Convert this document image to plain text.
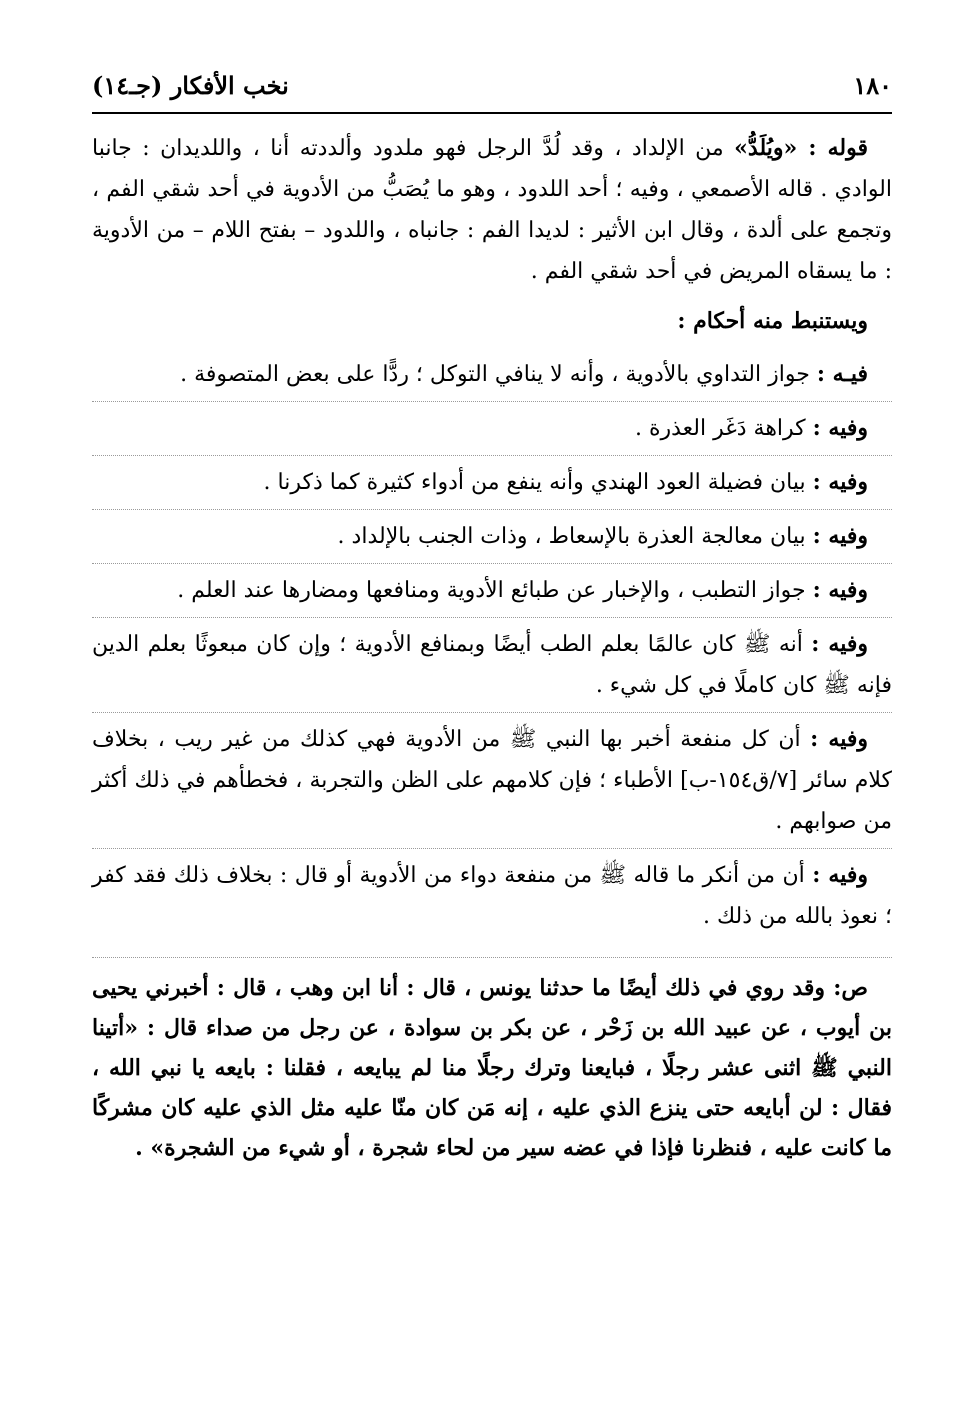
١٨٠
نخب الأفكار (جـ١٤)

قوله : «ويُلَدُّ» من الإلداد ، وقد لُدَّ الرجل فهو ملدود وألددته أنا ، واللديدان : جانبا الوادي . قاله الأصمعي ، وفيه ؛ أحد اللدود ، وهو ما يُصَبُّ من الأدوية في أحد شقي الفم ، وتجمع على ألدة ، وقال ابن الأثير : لديدا الفم : جانباه ، واللدود – بفتح اللام – من الأدوية : ما يسقاه المريض في أحد شقي الفم .

ويستنبط منه أحكام :

فيـه : جواز التداوي بالأدوية ، وأنه لا ينافي التوكل ؛ ردًّا على بعض المتصوفة .

وفيه : كراهة دَغَر العذرة .

وفيه : بيان فضيلة العود الهندي وأنه ينفع من أدواء كثيرة كما ذكرنا .

وفيه : بيان معالجة العذرة بالإسعاط ، وذات الجنب بالإلداد .

وفيه : جواز التطبب ، والإخبار عن طبائع الأدوية ومنافعها ومضارها عند العلم .

وفيه : أنه ﷺ كان عالمًا بعلم الطب أيضًا وبمنافع الأدوية ؛ وإن كان مبعوثًا بعلم الدين فإنه ﷺ كان كاملًا في كل شيء .

وفيه : أن كل منفعة أخبر بها النبي ﷺ من الأدوية فهي كذلك من غير ريب ، بخلاف كلام سائر [٧/ق١٥٤-ب] الأطباء ؛ فإن كلامهم على الظن والتجربة ، فخطأهم في ذلك أكثر من صوابهم .

وفيه : أن من أنكر ما قاله ﷺ من منفعة دواء من الأدوية أو قال : بخلاف ذلك فقد كفر ؛ نعوذ بالله من ذلك .

ص: وقد روي في ذلك أيضًا ما حدثنا يونس ، قال : أنا ابن وهب ، قال : أخبرني يحيى بن أيوب ، عن عبيد الله بن زَحْر ، عن بكر بن سوادة ، عن رجل من صداء قال : «أتينا النبي ﷺ اثنى عشر رجلًا ، فبايعنا وترك رجلًا منا لم يبايعه ، فقلنا : بايعه يا نبي الله ، فقال : لن أبايعه حتى ينزع الذي عليه ، إنه مَن كان منّا عليه مثل الذي عليه كان مشركًا ما كانت عليه ، فنظرنا فإذا في عضه سير من لحاء شجرة ، أو شيء من الشجرة» .
